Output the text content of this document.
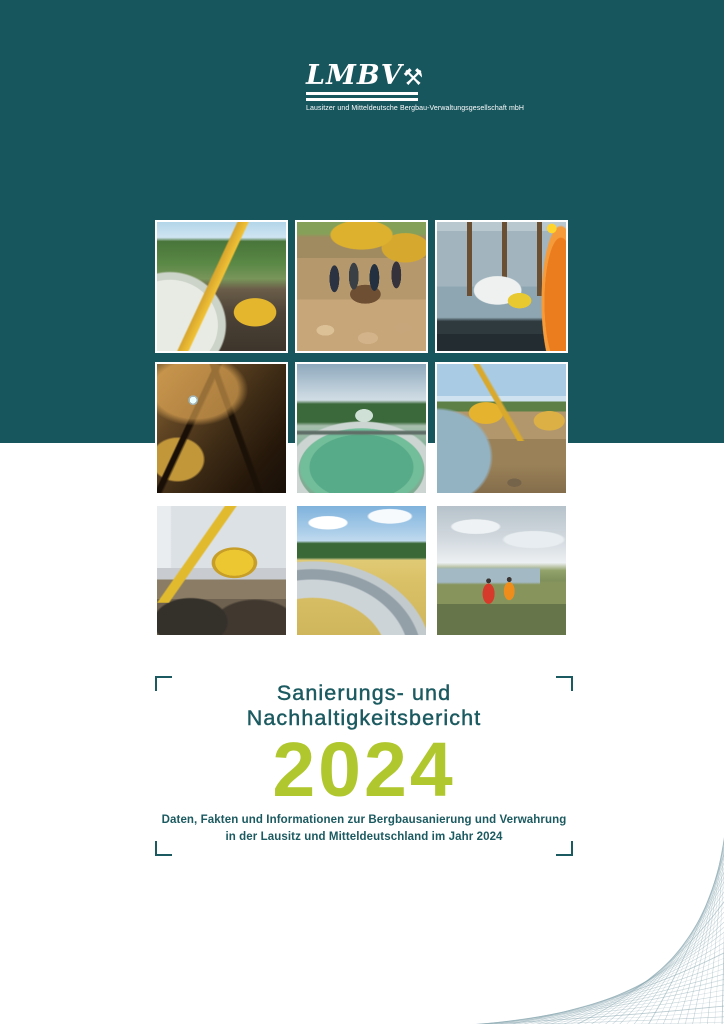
LMBV ⚒
Lausitzer und Mitteldeutsche Bergbau-Verwaltungsgesellschaft mbH
Sanierungs- und
Nachhaltigkeitsbericht
2024

Daten, Fakten und Informationen zur Bergbausanierung und Verwahrung
in der Lausitz und Mitteldeutschland im Jahr 2024
